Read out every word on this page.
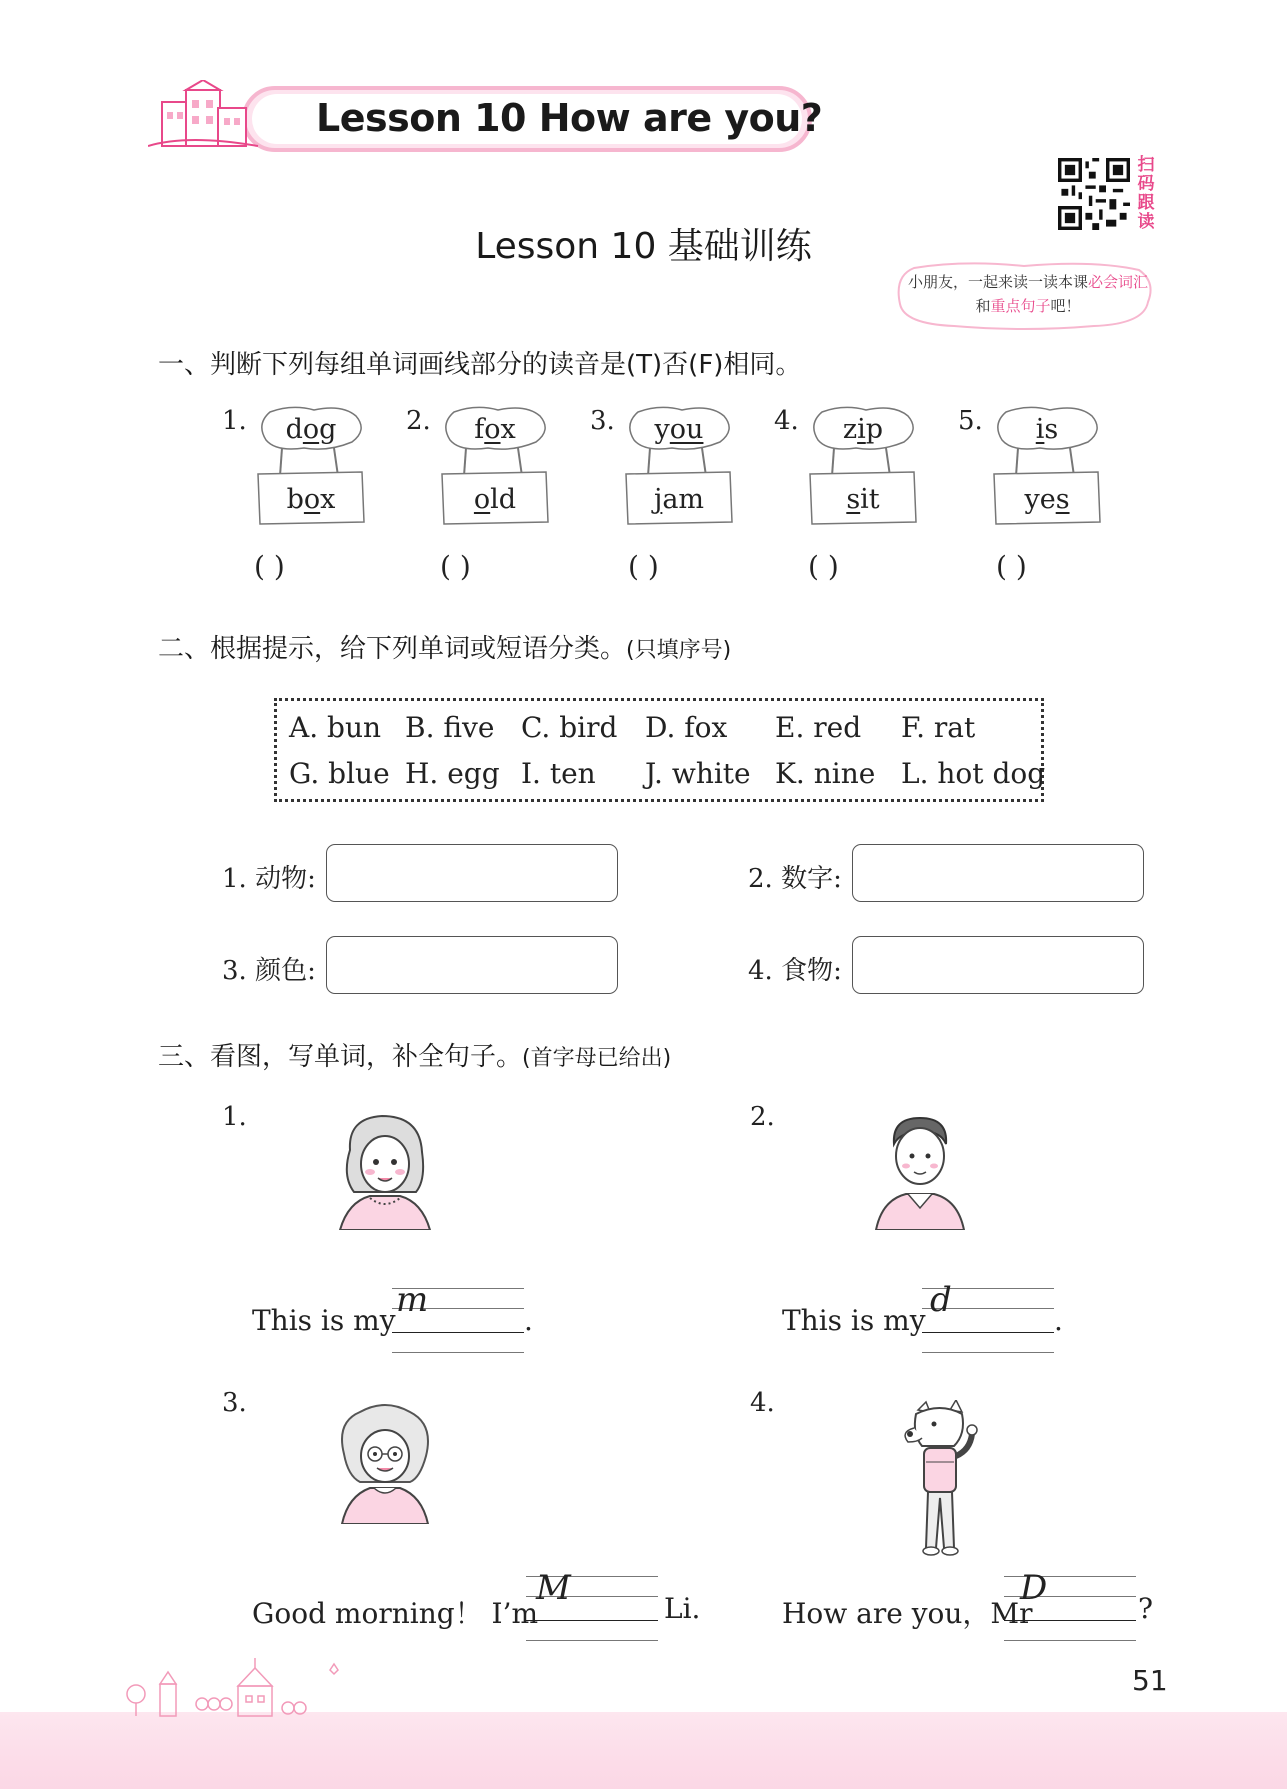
Lesson 10 How are you?
扫
码
跟
读
Lesson 10 基础训练
小朋友，一起来读一读本课必会词汇和重点句子吧！
一、判断下列每组单词画线部分的读音是(T)否(F)相同。
1.	dog
box
2.	fox
old
3.	you
jam
4.	zip
sit
5.	is
yes
( )	( )	( )	( )	( )
二、根据提示，给下列单词或短语分类。(只填序号)
A. bun B. five C. bird D. fox E. red F. rat
G. blue H. egg I. ten J. white K. nine L. hot dog
1. 动物:	2. 数字:
3. 颜色:	4. 食物:
三、看图，写单词，补全句子。(首字母已给出)
1.	2.
3.	4.
This is my
m
.	This is my
d
.
Good morning！ I’m
M
Li.	How are you，Mr
D
?
51
